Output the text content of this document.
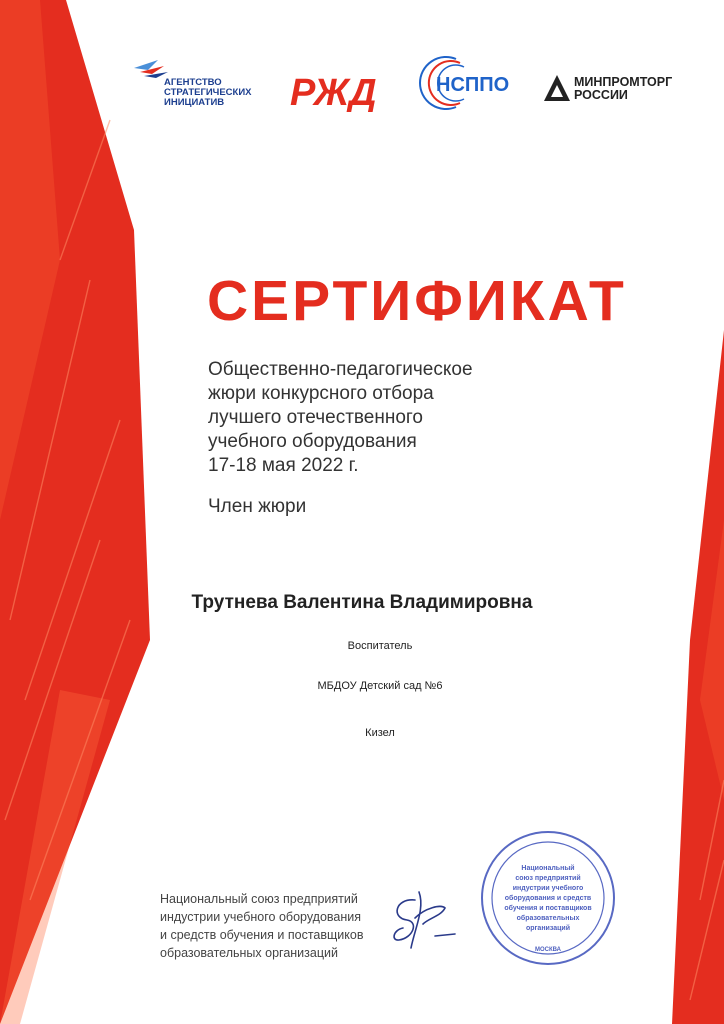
АГЕНТСТВО
СТРАТЕГИЧЕСКИХ
ИНИЦИАТИВ	РЖД	НСППО	МИНПРОМТОРГ
РОССИИ
СЕРТИФИКАТ
Общественно-педагогическое
жюри конкурсного отбора
лучшего отечественного
учебного оборудования
17-18 мая 2022 г.
Член жюри
Трутнева Валентина Владимировна
Воспитатель
МБДОУ Детский сад №6
Кизел
Национальный союз предприятий
индустрии учебного оборудования
и средств обучения и поставщиков
образовательных организаций
Национальный
союз предприятий
индустрии учебного
оборудования и средств
обучения и поставщиков
образовательных
организаций
МОСКВА
